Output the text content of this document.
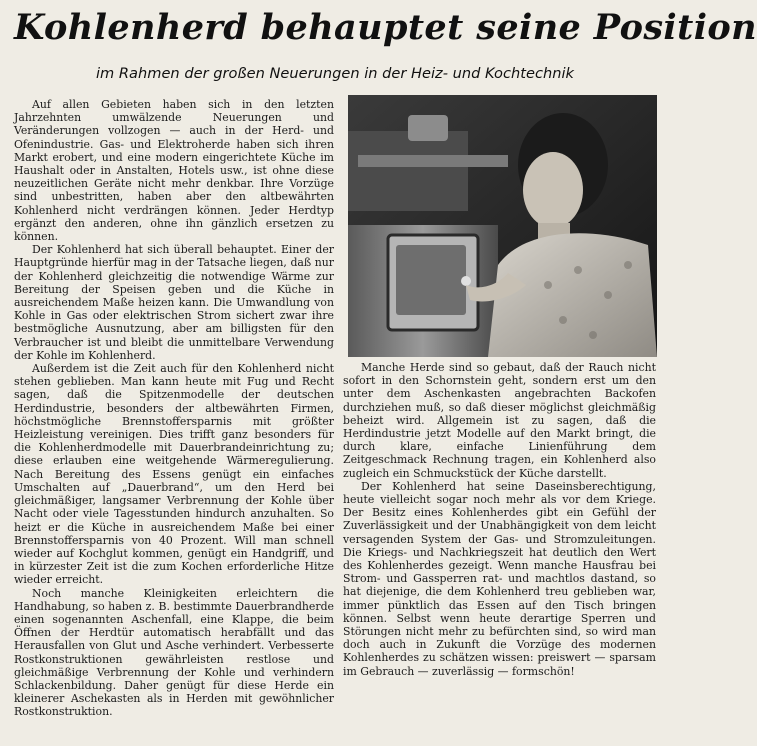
Kohlenherd behauptet seine Position
im Rahmen der großen Neuerungen in der Heiz- und Kochtechnik

Auf allen Gebieten haben sich in den letzten Jahrzehnten umwälzende Neuerungen und Veränderungen vollzogen — auch in der Herd- und Ofenindustrie. Gas- und Elektroherde haben sich ihren Markt erobert, und eine modern eingerichtete Küche im Haushalt oder in Anstalten, Hotels usw., ist ohne diese neuzeitlichen Geräte nicht mehr denkbar. Ihre Vorzüge sind unbestritten, haben aber den altbewährten Kohlenherd nicht verdrängen können. Jeder Herdtyp ergänzt den anderen, ohne ihn gänzlich ersetzen zu können.

Der Kohlenherd hat sich überall behauptet. Einer der Hauptgründe hierfür mag in der Tatsache liegen, daß nur der Kohlenherd gleichzeitig die notwendige Wärme zur Bereitung der Speisen geben und die Küche in ausreichendem Maße heizen kann. Die Umwandlung von Kohle in Gas oder elektrischen Strom sichert zwar ihre bestmögliche Ausnutzung, aber am billigsten für den Verbraucher ist und bleibt die unmittelbare Verwendung der Kohle im Kohlenherd.

Außerdem ist die Zeit auch für den Kohlenherd nicht stehen geblieben. Man kann heute mit Fug und Recht sagen, daß die Spitzenmodelle der deutschen Herdindustrie, besonders der altbewährten Firmen, höchstmögliche Brennstoffersparnis mit größter Heizleistung vereinigen. Dies trifft ganz besonders für die Kohlenherdmodelle mit Dauerbrandeinrichtung zu; diese erlauben eine weitgehende Wärmeregulierung. Nach Bereitung des Essens genügt ein einfaches Umschalten auf „Dauerbrand“, um den Herd bei gleichmäßiger, langsamer Verbrennung der Kohle über Nacht oder viele Tagesstunden hindurch anzuhalten. So heizt er die Küche in ausreichendem Maße bei einer Brennstoffersparnis von 40 Prozent. Will man schnell wieder auf Kochglut kommen, genügt ein Handgriff, und in kürzester Zeit ist die zum Kochen erforderliche Hitze wieder erreicht.

Noch manche Kleinigkeiten erleichtern die Handhabung, so haben z. B. bestimmte Dauerbrandherde einen sogenannten Aschenfall, eine Klappe, die beim Öffnen der Herdtür automatisch herabfällt und das Herausfallen von Glut und Asche verhindert. Verbesserte Rostkonstruktionen gewährleisten restlose und gleichmäßige Verbrennung der Kohle und verhindern Schlackenbildung. Daher genügt für diese Herde ein kleinerer Aschekasten als in Herden mit gewöhnlicher Rostkonstruktion.

Manche Herde sind so gebaut, daß der Rauch nicht sofort in den Schornstein geht, sondern erst um den unter dem Aschenkasten angebrachten Backofen durchziehen muß, so daß dieser möglichst gleichmäßig beheizt wird. Allgemein ist zu sagen, daß die Herdindustrie jetzt Modelle auf den Markt bringt, die durch klare, einfache Linienführung dem Zeitgeschmack Rechnung tragen, ein Kohlenherd also zugleich ein Schmuckstück der Küche darstellt.

Der Kohlenherd hat seine Daseinsberechtigung, heute vielleicht sogar noch mehr als vor dem Kriege. Der Besitz eines Kohlenherdes gibt ein Gefühl der Zuverlässigkeit und der Unabhängigkeit von dem leicht versagenden System der Gas- und Stromzuleitungen. Die Kriegs- und Nachkriegszeit hat deutlich den Wert des Kohlenherdes gezeigt. Wenn manche Hausfrau bei Strom- und Gassperren rat- und machtlos dastand, so hat diejenige, die dem Kohlenherd treu geblieben war, immer pünktlich das Essen auf den Tisch bringen können. Selbst wenn heute derartige Sperren und Störungen nicht mehr zu befürchten sind, so wird man doch auch in Zukunft die Vorzüge des modernen Kohlenherdes zu schätzen wissen: preiswert — sparsam im Gebrauch — zuverlässig — formschön!
